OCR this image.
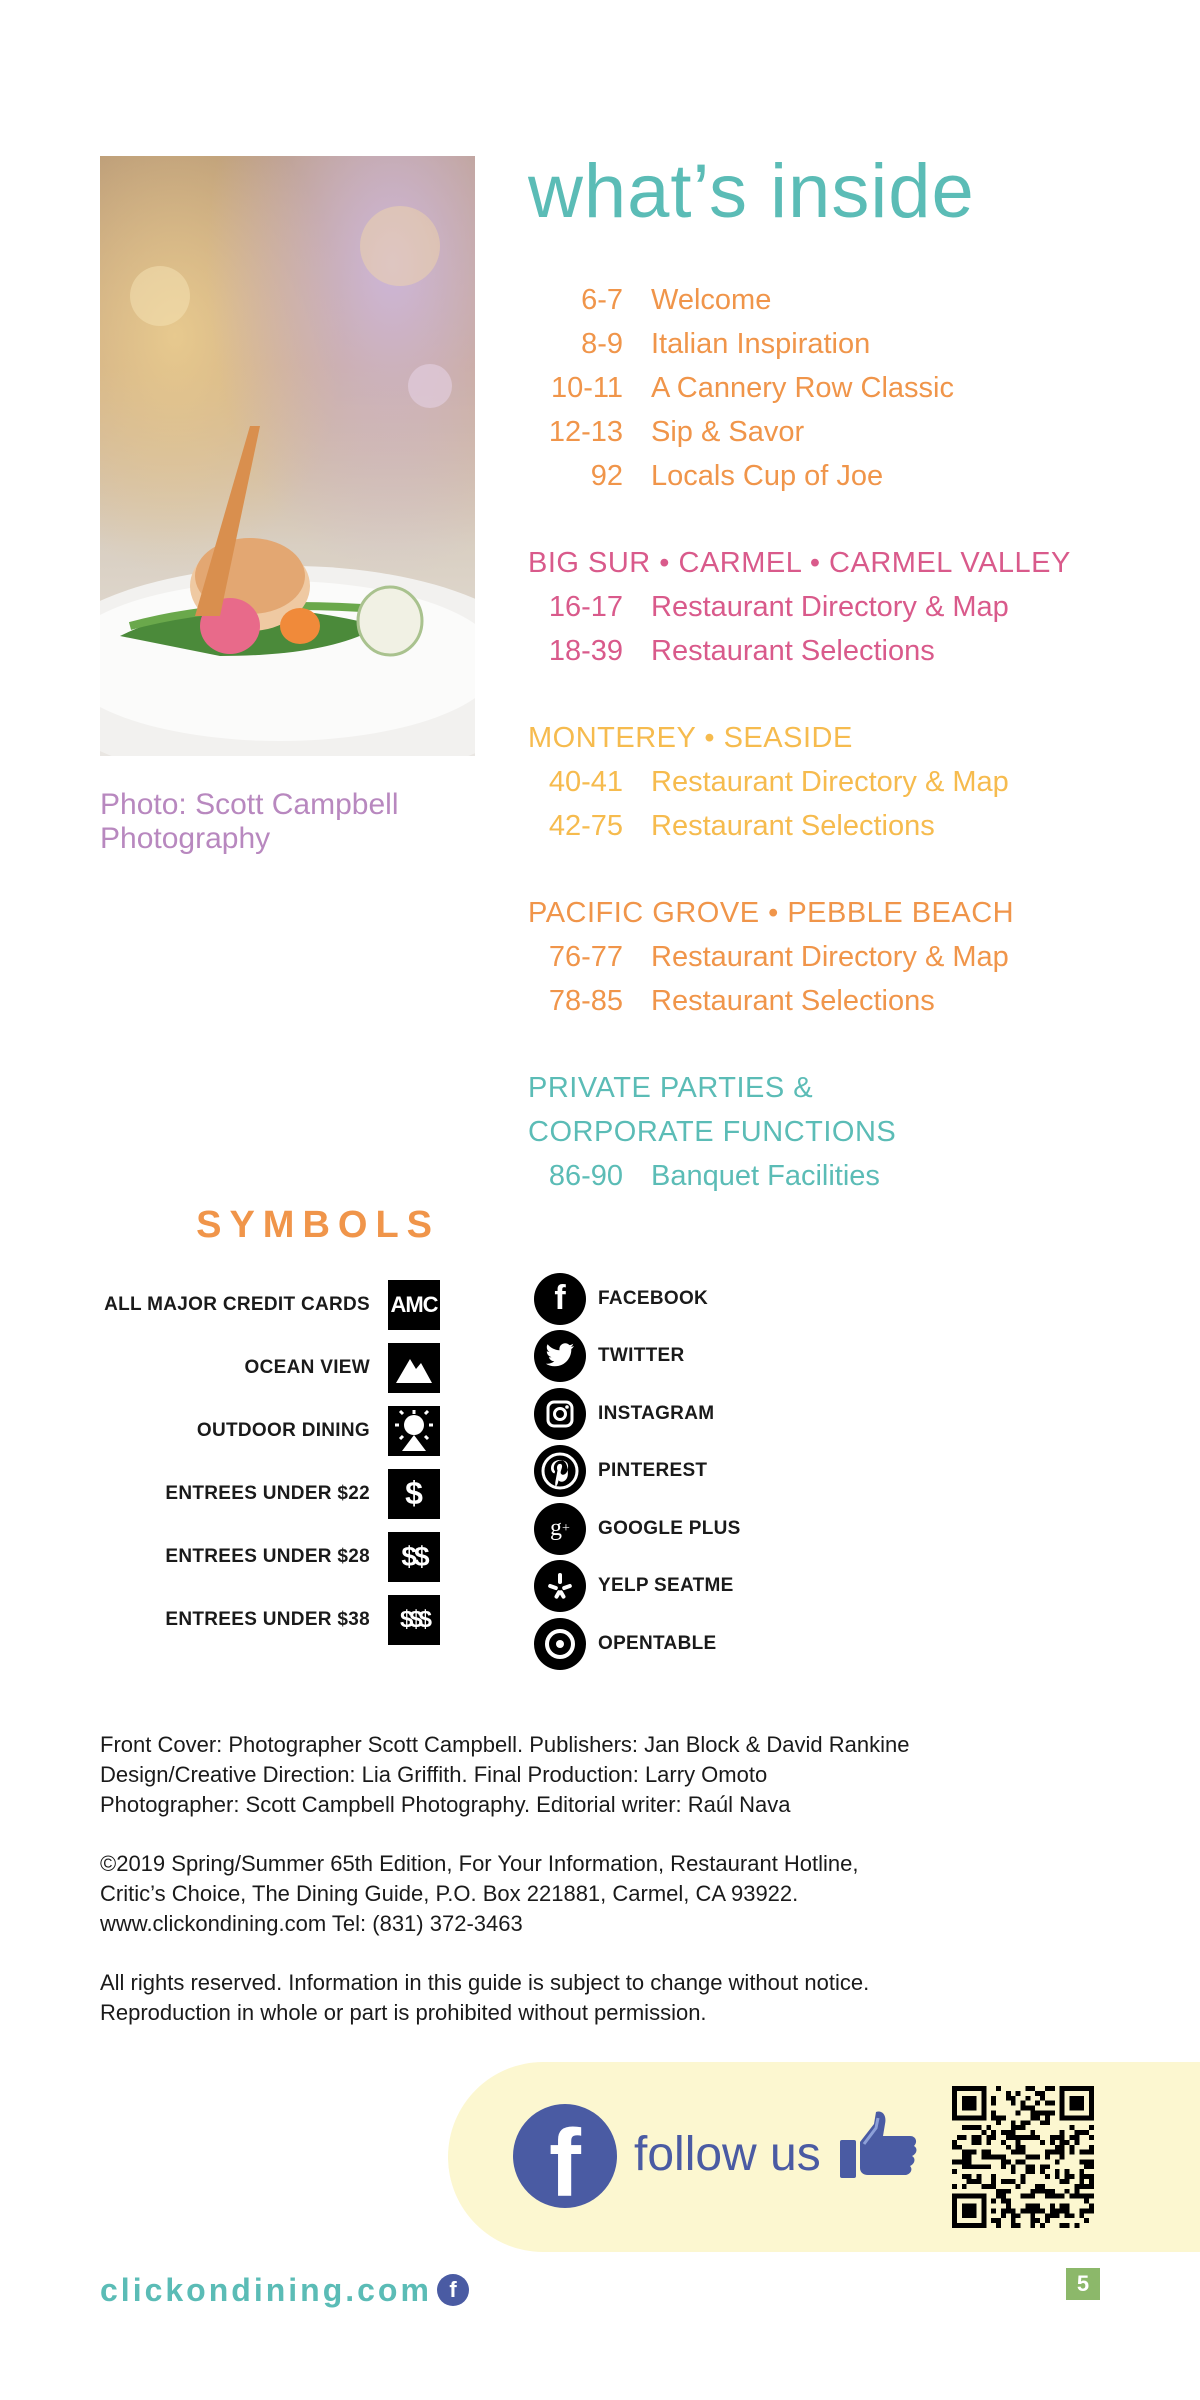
Photo: Scott Campbell Photography
what’s inside
6-7 Welcome
8-9 Italian Inspiration
10-11 A Cannery Row Classic
12-13 Sip & Savor
92 Locals Cup of Joe
BIG SUR • CARMEL • CARMEL VALLEY
16-17 Restaurant Directory & Map
18-39 Restaurant Selections
MONTEREY • SEASIDE
40-41 Restaurant Directory & Map
42-75 Restaurant Selections
PACIFIC GROVE • PEBBLE BEACH
76-77 Restaurant Directory & Map
78-85 Restaurant Selections
PRIVATE PARTIES &
CORPORATE FUNCTIONS
86-90 Banquet Facilities
SYMBOLS
ALL MAJOR CREDIT CARDS AMC
OCEAN VIEW
OUTDOOR DINING
ENTREES UNDER $22	$
ENTREES UNDER $28	$$
ENTREES UNDER $38	$$$
f	FACEBOOK
TWITTER
INSTAGRAM
PINTEREST
g + GOOGLE PLUS
YELP SEATME
OPENTABLE

Front Cover: Photographer Scott Campbell. Publishers: Jan Block & David Rankine
Design/Creative Direction: Lia Griffith. Final Production: Larry Omoto
Photographer: Scott Campbell Photography. Editorial writer: Raúl Nava

©2019 Spring/Summer 65th Edition, For Your Information, Restaurant Hotline,
Critic’s Choice, The Dining Guide, P.O. Box 221881, Carmel, CA 93922.
www.clickondining.com Tel: (831) 372-3463

All rights reserved. Information in this guide is subject to change without notice.
Reproduction in whole or part is prohibited without permission.

f follow us
clickondining.com f	5
